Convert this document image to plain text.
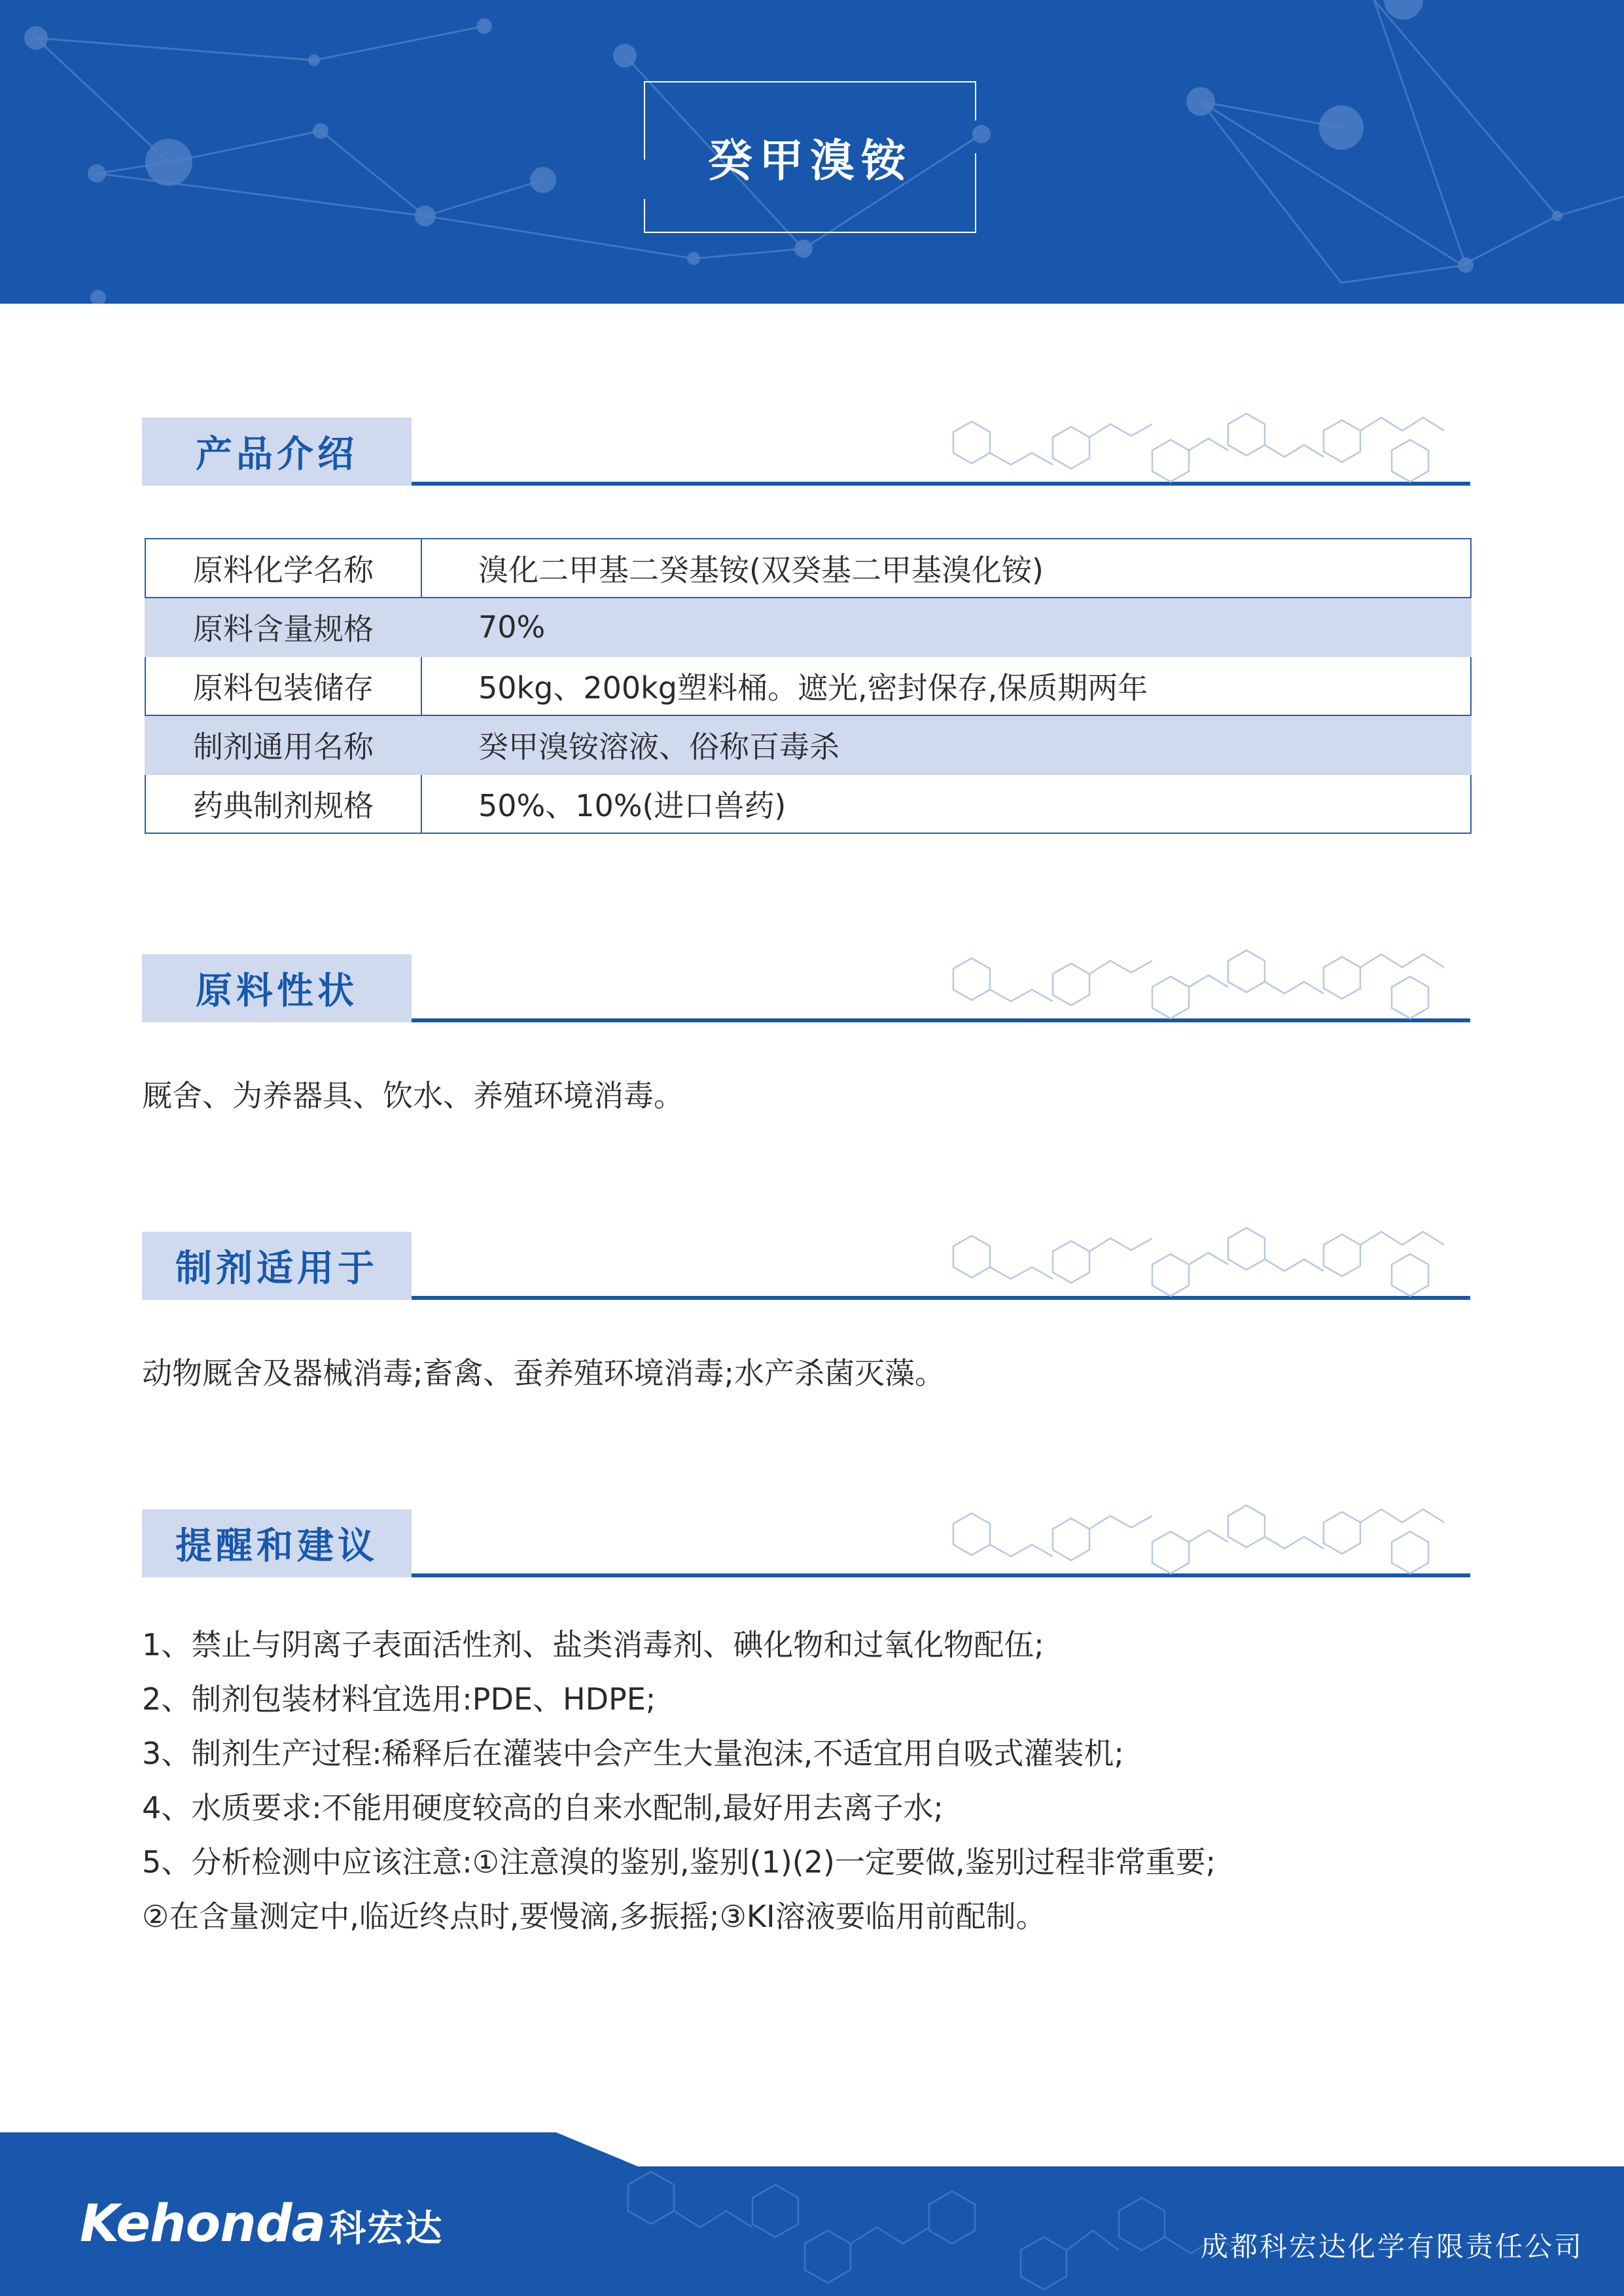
癸甲溴铵
产品介绍
原料化学名称	溴化二甲基二癸基铵(双癸基二甲基溴化铵)
原料含量规格	70%
原料包装储存	50kg、200kg塑料桶。遮光,密封保存,保质期两年
制剂通用名称	癸甲溴铵溶液、俗称百毒杀
药典制剂规格	50%、10%(进口兽药)
原料性状
厩舍、为养器具、饮水、养殖环境消毒。
制剂适用于
动物厩舍及器械消毒;畜禽、蚕养殖环境消毒;水产杀菌灭藻。
提醒和建议
1、禁止与阴离子表面活性剂、盐类消毒剂、碘化物和过氧化物配伍;
2、制剂包装材料宜选用:PDE、HDPE;
3、制剂生产过程:稀释后在灌装中会产生大量泡沫,不适宜用自吸式灌装机;
4、水质要求:不能用硬度较高的自来水配制,最好用去离子水;
5、分析检测中应该注意:①注意溴的鉴别,鉴别(1)(2)一定要做,鉴别过程非常重要;
②在含量测定中,临近终点时,要慢滴,多振摇;③KI溶液要临用前配制。
Kehonda 科宏达	成都科宏达化学有限责任公司
